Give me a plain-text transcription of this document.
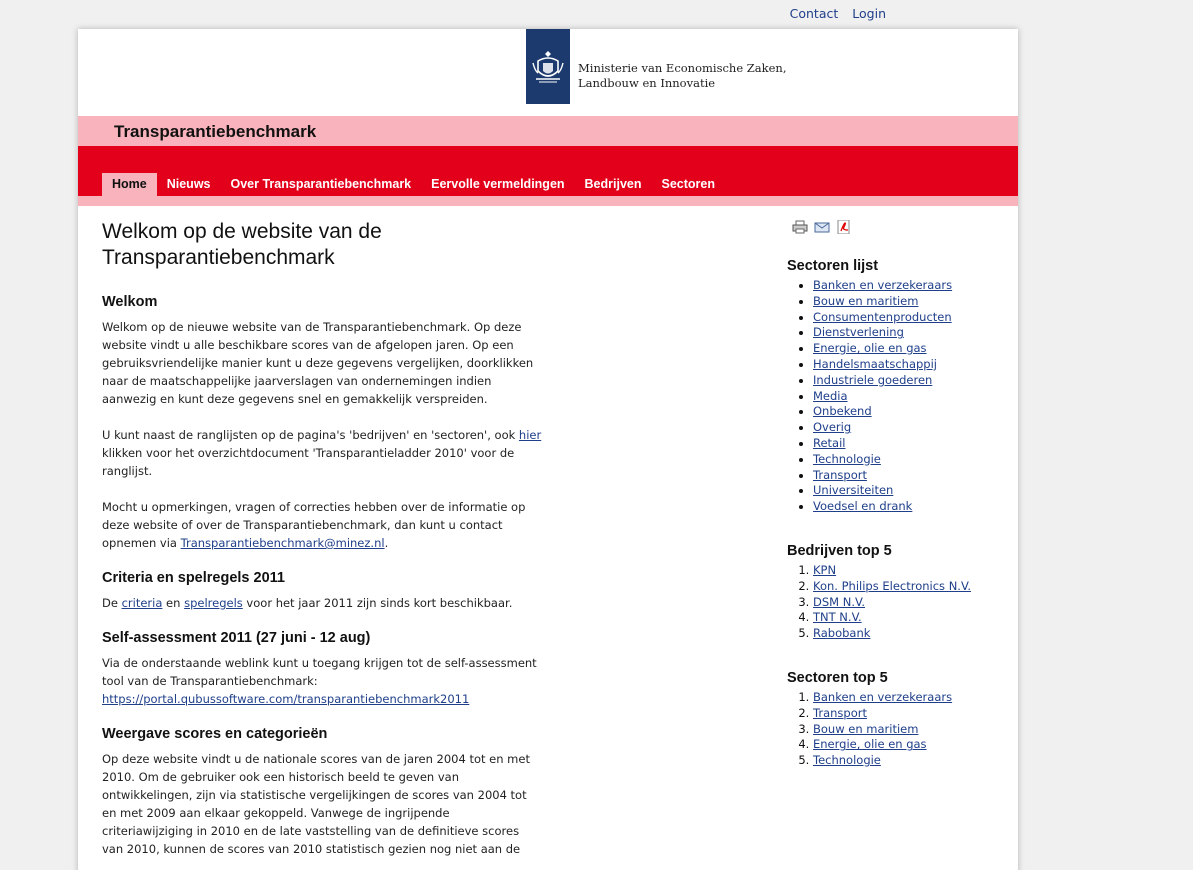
Contact Login
Ministerie van Economische Zaken,
Landbouw en Innovatie
Transparantiebenchmark
Home	Nieuws	Over Transparantiebenchmark	Eervolle vermeldingen	Bedrijven	Sectoren
Welkom op de website van de Transparantiebenchmark
Welkom

Welkom op de nieuwe website van de Transparantiebenchmark. Op deze website vindt u alle beschikbare scores van de afgelopen jaren. Op een gebruiksvriendelijke manier kunt u deze gegevens vergelijken, doorklikken naar de maatschappelijke jaarverslagen van ondernemingen indien aanwezig en kunt deze gegevens snel en gemakkelijk verspreiden.

U kunt naast de ranglijsten op de pagina's 'bedrijven' en 'sectoren', ook hier klikken voor het overzichtdocument 'Transparantieladder 2010' voor de ranglijst.

Mocht u opmerkingen, vragen of correcties hebben over de informatie op deze website of over de Transparantiebenchmark, dan kunt u contact opnemen via Transparantiebenchmark@minez.nl.

Criteria en spelregels 2011

De criteria en spelregels voor het jaar 2011 zijn sinds kort beschikbaar.

Self-assessment 2011 (27 juni - 12 aug)

Via de onderstaande weblink kunt u toegang krijgen tot de self-assessment tool van de Transparantiebenchmark:
https://portal.qubussoftware.com/transparantiebenchmark2011

Weergave scores en categorieën

Op deze website vindt u de nationale scores van de jaren 2004 tot en met 2010. Om de gebruiker ook een historisch beeld te geven van ontwikkelingen, zijn via statistische vergelijkingen de scores van 2004 tot en met 2009 aan elkaar gekoppeld. Vanwege de ingrijpende criteriawijziging in 2010 en de late vaststelling van de definitieve scores van 2010, kunnen de scores van 2010 statistisch gezien nog niet aan de

Sectoren lijst
• Banken en verzekeraars
• Bouw en maritiem
• Consumentenproducten
• Dienstverlening
• Energie, olie en gas
• Handelsmaatschappij
• Industriele goederen
• Media
• Onbekend
• Overig
• Retail
• Technologie
• Transport
• Universiteiten
• Voedsel en drank
Bedrijven top 5
1. KPN
2. Kon. Philips Electronics N.V.
3. DSM N.V.
4. TNT N.V.
5. Rabobank
Sectoren top 5
1. Banken en verzekeraars
2. Transport
3. Bouw en maritiem
4. Energie, olie en gas
5. Technologie
